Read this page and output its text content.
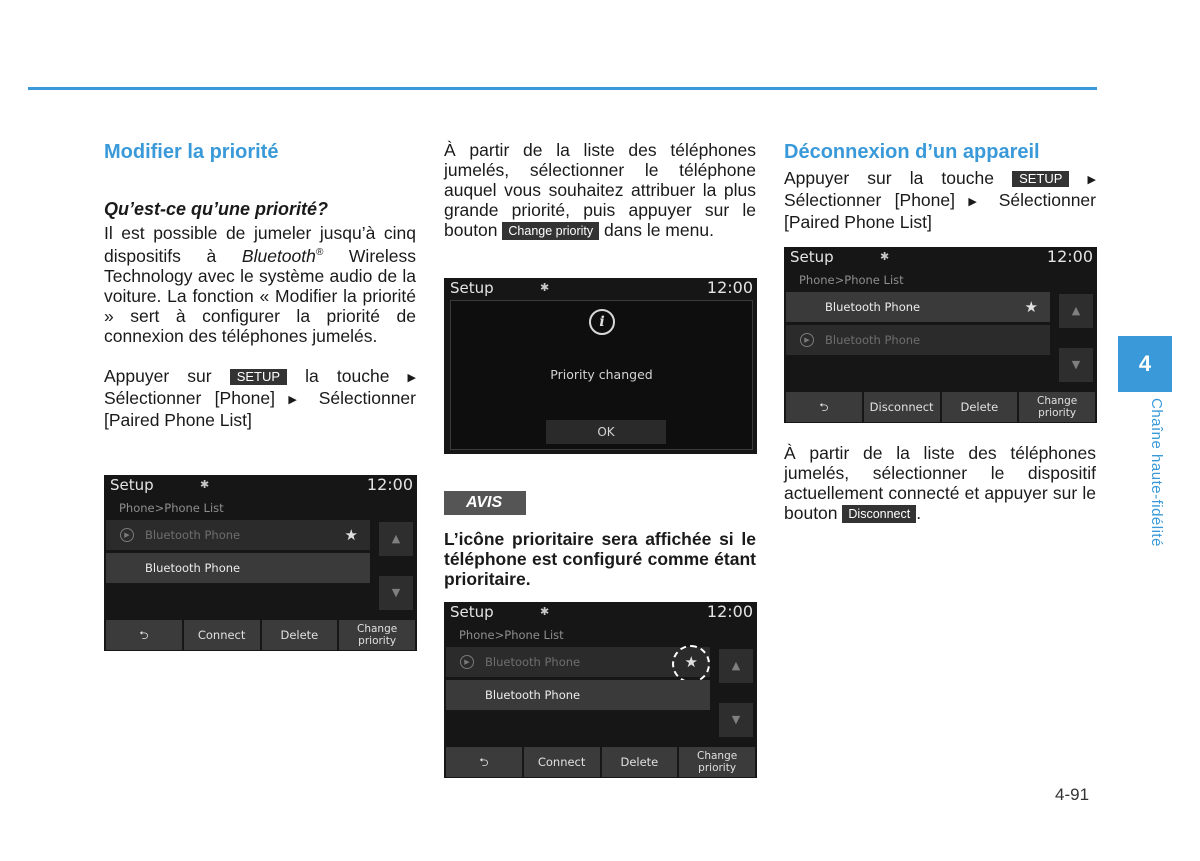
Modifier la priorité
Qu’est-ce qu’une priorité?

Il est possible de jumeler jusqu’à cinq dispositifs à Bluetooth® Wireless Technology avec le système audio de la voiture. La fonction « Modifier la priorité » sert à configurer la priorité de connexion des téléphones jumelés.

Appuyer sur SETUP la touche ▶ Sélectionner [Phone] ▶ Sélectionner [Paired Phone List]

Setup	✱	12:00
Phone>Phone List
▶	Bluetooth Phone	★
Bluetooth Phone
▲
▼
⮌	Connect	Delete	Change
priority

À partir de la liste des téléphones jumelés, sélectionner le téléphone auquel vous souhaitez attribuer la plus grande priorité, puis appuyer sur le bouton Change priority dans le menu.

Setup	✱	12:00
i
Priority changed
OK
AVIS

L’icône prioritaire sera affichée si le téléphone est configuré comme étant prioritaire.

Setup	✱	12:00
Phone>Phone List
▶	Bluetooth Phone	★
Bluetooth Phone
▲
▼
⮌	Connect	Delete	Change
priority
Déconnexion d’un appareil

Appuyer sur la touche SETUP ▶ Sélectionner [Phone] ▶ Sélectionner [Paired Phone List]

Setup	✱	12:00
Phone>Phone List
Bluetooth Phone	★
▶	Bluetooth Phone
▲
▼
⮌	Disconnect	Delete	Change
priority

À partir de la liste des téléphones jumelés, sélectionner le dispositif actuellement connecté et appuyer sur le bouton Disconnect .

4
Chaîne haute-fidélité
4-91
